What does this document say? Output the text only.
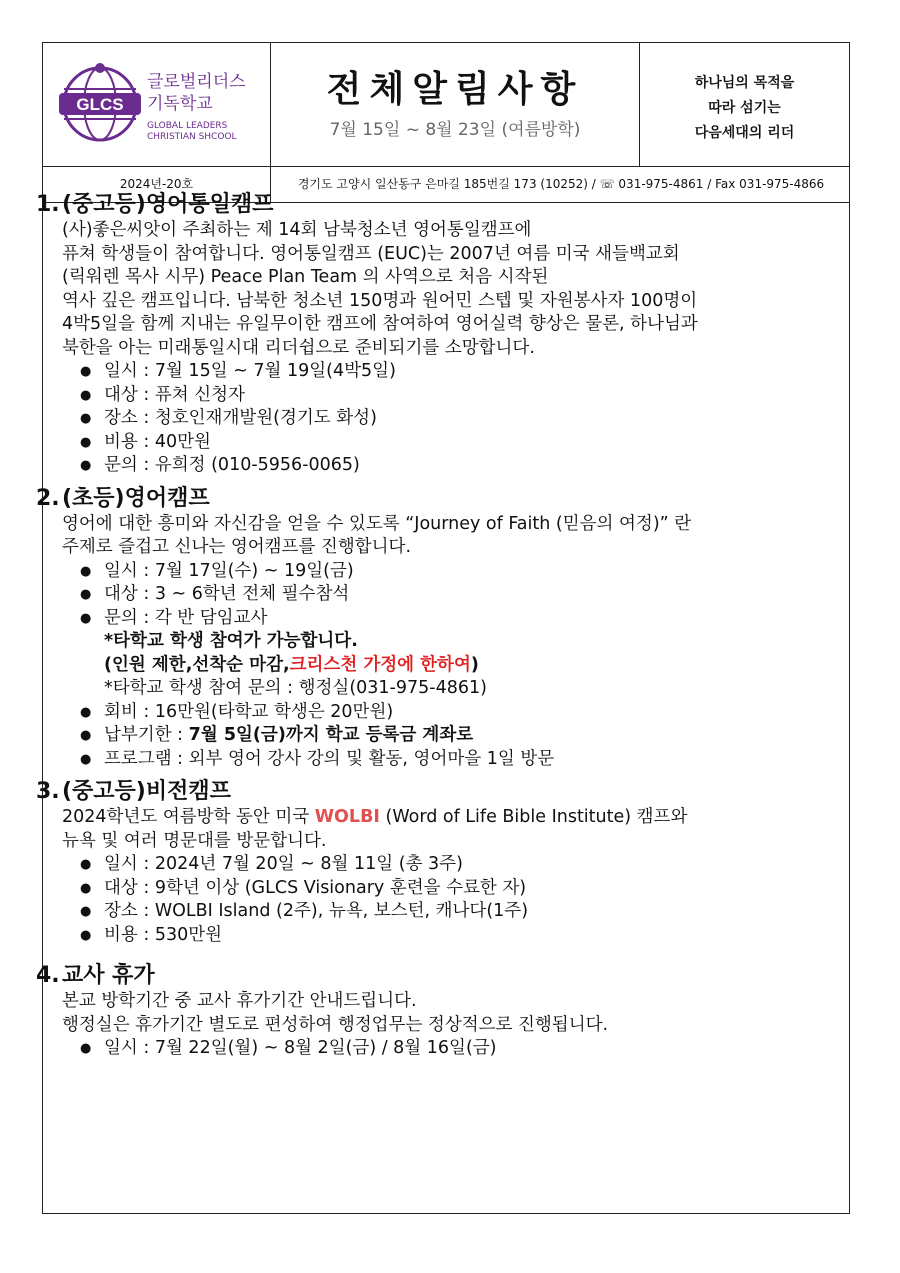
GLCS
글로벌리더스
기독학교
GLOBAL LEADERS
CHRISTIAN SHCOOL
전체알림사항
7월 15일 ~ 8월 23일 (여름방학)
하나님의 목적을
따라 섬기는
다음세대의 리더
2024년-20호	경기도 고양시 일산동구 은마길 185번길 173 (10252) / ☏ 031-975-4861 / Fax 031-975-4866
1. (중고등)영어통일캠프
(사)좋은씨앗이 주최하는 제 14회 남북청소년 영어통일캠프에
퓨쳐 학생들이 참여합니다. 영어통일캠프 (EUC)는 2007년 여름 미국 새들백교회
(릭워렌 목사 시무) Peace Plan Team 의 사역으로 처음 시작된
역사 깊은 캠프입니다. 남북한 청소년 150명과 원어민 스텝 및 자원봉사자 100명이
4박5일을 함께 지내는 유일무이한 캠프에 참여하여 영어실력 향상은 물론, 하나님과
북한을 아는 미래통일시대 리더쉽으로 준비되기를 소망합니다.
● 일시 : 7월 15일 ~ 7월 19일(4박5일)
● 대상 : 퓨쳐 신청자
● 장소 : 청호인재개발원(경기도 화성)
● 비용 : 40만원
● 문의 : 유희정 (010-5956-0065)
2. (초등)영어캠프
영어에 대한 흥미와 자신감을 얻을 수 있도록 “Journey of Faith (믿음의 여정)” 란
주제로 즐겁고 신나는 영어캠프를 진행합니다.
● 일시 : 7월 17일(수) ~ 19일(금)
● 대상 : 3 ~ 6학년 전체 필수참석
● 문의 : 각 반 담임교사
*타학교 학생 참여가 가능합니다.
(인원 제한,선착순 마감,크리스천 가정에 한하여)
*타학교 학생 참여 문의 : 행정실(031-975-4861)
● 회비 : 16만원(타학교 학생은 20만원)
● 납부기한 : 7월 5일(금)까지 학교 등록금 계좌로
● 프로그램 : 외부 영어 강사 강의 및 활동, 영어마을 1일 방문
3. (중고등)비전캠프
2024학년도 여름방학 동안 미국 WOLBI (Word of Life Bible Institute) 캠프와
뉴욕 및 여러 명문대를 방문합니다.
● 일시 : 2024년 7월 20일 ~ 8월 11일 (총 3주)
● 대상 : 9학년 이상 (GLCS Visionary 훈련을 수료한 자)
● 장소 : WOLBI Island (2주), 뉴욕, 보스턴, 캐나다(1주)
● 비용 : 530만원
4. 교사 휴가
본교 방학기간 중 교사 휴가기간 안내드립니다.
행정실은 휴가기간 별도로 편성하여 행정업무는 정상적으로 진행됩니다.
● 일시 : 7월 22일(월) ~ 8월 2일(금) / 8월 16일(금)
